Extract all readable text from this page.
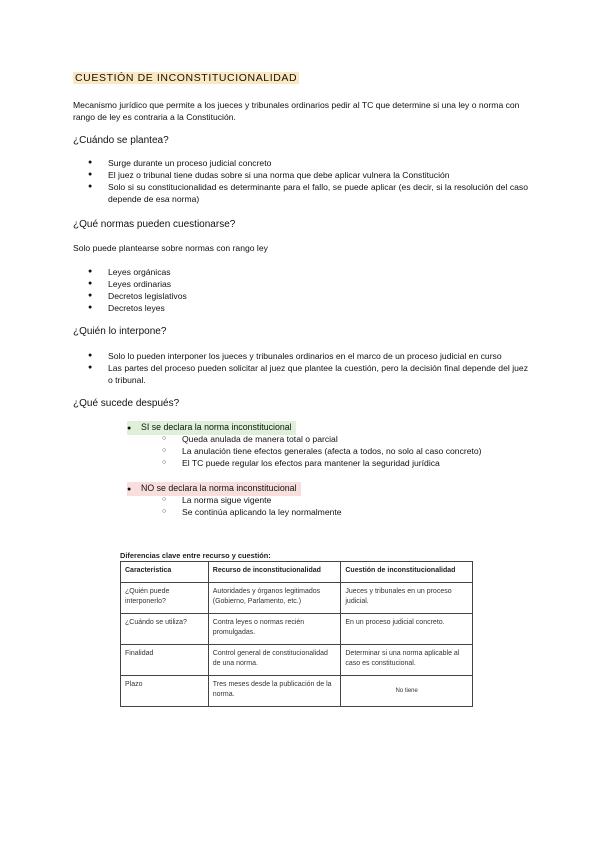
CUESTIÓN DE INCONSTITUCIONALIDAD
Mecanismo jurídico que permite a los jueces y tribunales ordinarios pedir al TC que determine si una ley o norma con rango de ley es contraria a la Constitución.
¿Cuándo se plantea?
● Surge durante un proceso judicial concreto
● El juez o tribunal tiene dudas sobre si una norma que debe aplicar vulnera la Constitución
● Solo si su constitucionalidad es determinante para el fallo, se puede aplicar (es decir, si la resolución del caso depende de esa norma)
¿Qué normas pueden cuestionarse?
Solo puede plantearse sobre normas con rango ley
● Leyes orgánicas
● Leyes ordinarias
● Decretos legislativos
● Decretos leyes
¿Quién lo interpone?
● Solo lo pueden interponer los jueces y tribunales ordinarios en el marco de un proceso judicial en curso
● Las partes del proceso pueden solicitar al juez que plantee la cuestión, pero la decisión final depende del juez o tribunal.
¿Qué sucede después?
● SI se declara la norma inconstitucional
○ Queda anulada de manera total o parcial
○ La anulación tiene efectos generales (afecta a todos, no solo al caso concreto)
○ El TC puede regular los efectos para mantener la seguridad jurídica
● NO se declara la norma inconstitucional
○ La norma sigue vigente
○ Se continúa aplicando la ley normalmente
Diferencias clave entre recurso y cuestión:
Característica	Recurso de inconstitucionalidad	Cuestión de inconstitucionalidad
¿Quién puede interponerlo?	Autoridades y órganos legitimados (Gobierno, Parlamento, etc.)	Jueces y tribunales en un proceso judicial.
¿Cuándo se utiliza?	Contra leyes o normas recién promulgadas.	En un proceso judicial concreto.
Finalidad	Control general de constitucionalidad de una norma.	Determinar si una norma aplicable al caso es constitucional.
Plazo	Tres meses desde la publicación de la norma.	No tiene
